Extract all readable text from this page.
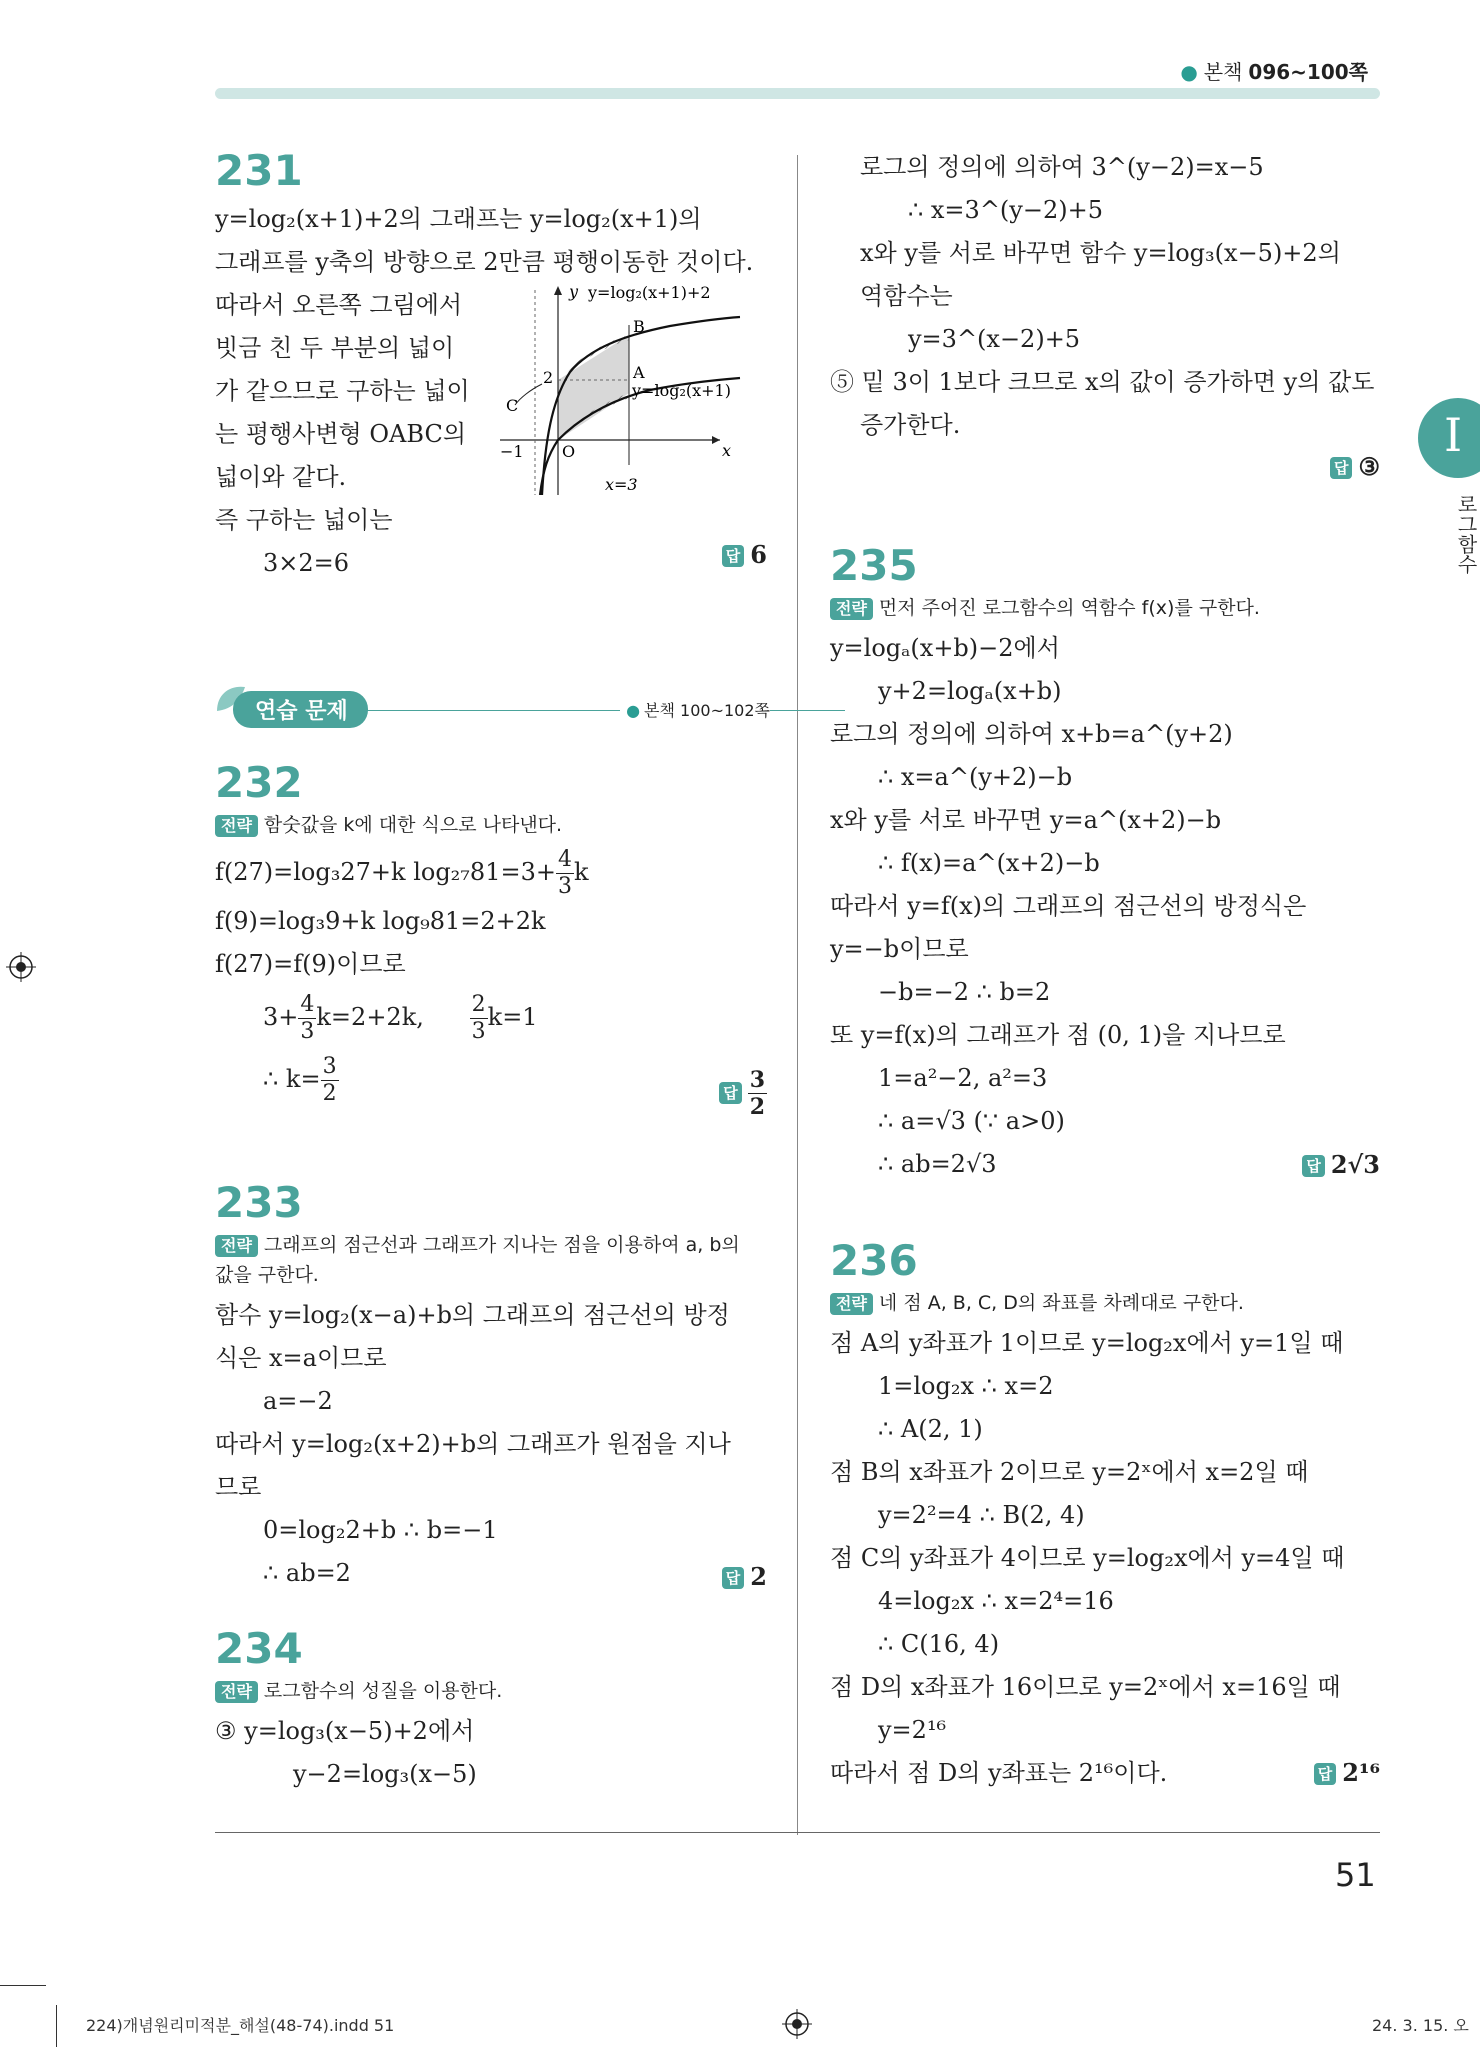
● 본책 096~100쪽
I
로그함수
231
y=log₂(x+1)+2의 그래프는 y=log₂(x+1)의
그래프를 y축의 방향으로 2만큼 평행이동한 것이다.
따라서 오른쪽 그림에서
빗금 친 두 부분의 넓이
가 같으므로 구하는 넓이
는 평행사변형 OABC의
넓이와 같다.
즉 구하는 넓이는
3×2=6	답 6
y
x
y=log₂(x+1)+2
y=log₂(x+1)
B
A
C
2
O
−1
x=3
연습 문제	● 본책 100~102쪽
232
전략 함숫값을 k에 대한 식으로 나타낸다.
f(27)=log₃27+k $\log_{27}81=3+ \frac{4}{3}$ k
f(9)=log₃9+k log₉81=2+2k
f(27)=f(9)이므로
$3+ \frac{4}{3} k=2+2k$, $\frac{2}{3} k=1$
∴ $k= \frac{3}{2}$	답 $\frac{3}{2}$
233
전략 그래프의 점근선과 그래프가 지나는 점을 이용하여 a, b의
값을 구한다.
함수 y=log₂(x−a)+b의 그래프의 점근선의 방정
식은 x=a이므로
a=−2
따라서 y=log₂(x+2)+b의 그래프가 원점을 지나
므로
0=log₂2+b ∴ b=−1
∴ ab=2	답 2
234
전략 로그함수의 성질을 이용한다.
③ y=log₃(x−5)+2에서
y−2=log₃(x−5)
로그의 정의에 의하여 3^(y−2)=x−5
∴ x=3^(y−2)+5
x와 y를 서로 바꾸면 함수 y=log₃(x−5)+2의
역함수는
y=3^(x−2)+5
⑤ 밑 3이 1보다 크므로 x의 값이 증가하면 y의 값도
증가한다.
답 ③
235
전략 먼저 주어진 로그함수의 역함수 f(x)를 구한다.
y=logₐ(x+b)−2에서
y+2=logₐ(x+b)
로그의 정의에 의하여 x+b=a^(y+2)
∴ x=a^(y+2)−b
x와 y를 서로 바꾸면 y=a^(x+2)−b
∴ f(x)=a^(x+2)−b
따라서 y=f(x)의 그래프의 점근선의 방정식은
y=−b이므로
−b=−2 ∴ b=2
또 y=f(x)의 그래프가 점 (0, 1)을 지나므로
1=a²−2, a²=3
∴ a=√3 (∵ a>0)
∴ ab=2√3	답 2√3
236
전략 네 점 A, B, C, D의 좌표를 차례대로 구한다.
점 A의 y좌표가 1이므로 y=log₂x에서 y=1일 때
1=log₂x ∴ x=2
∴ A(2, 1)
점 B의 x좌표가 2이므로 y=2ˣ에서 x=2일 때
y=2²=4 ∴ B(2, 4)
점 C의 y좌표가 4이므로 y=log₂x에서 y=4일 때
4=log₂x ∴ x=2⁴=16
∴ C(16, 4)
점 D의 x좌표가 16이므로 y=2ˣ에서 x=16일 때
y=2¹⁶
따라서 점 D의 y좌표는 2¹⁶이다.	답 2¹⁶
51
224)개념원리미적분_해설(48-74).indd 51	24. 3. 15. 오
